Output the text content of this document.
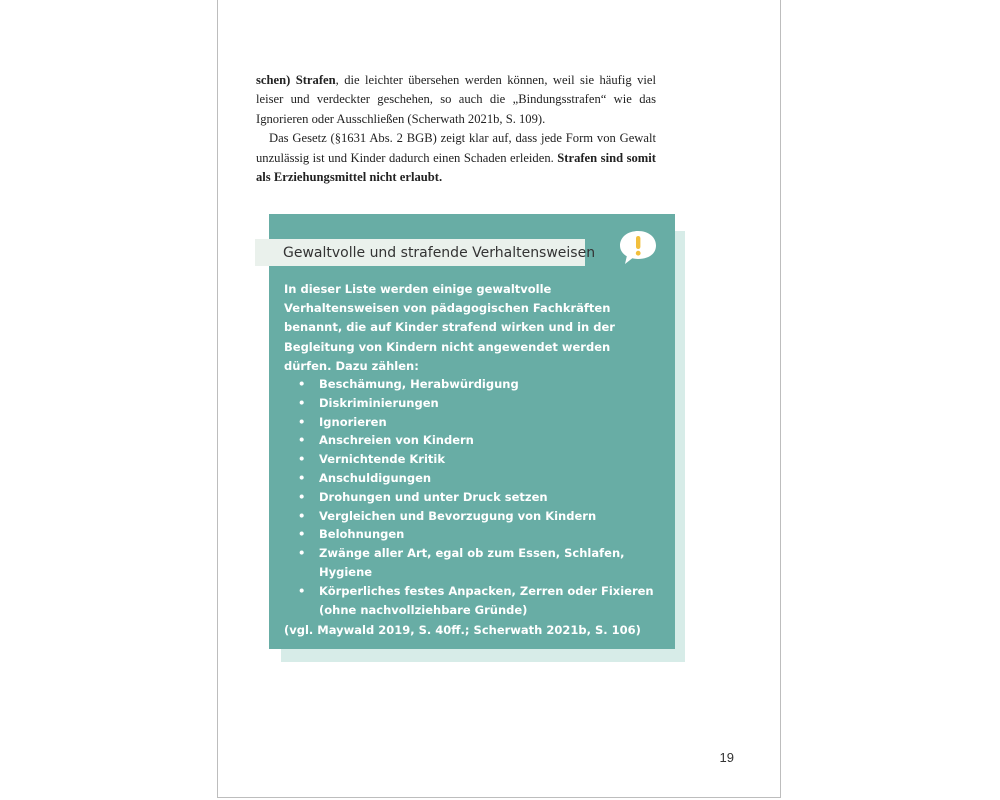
schen) Strafen, die leichter übersehen werden können, weil sie häufig viel leiser und verdeckter geschehen, so auch die „Bindungsstrafen“ wie das Ignorieren oder Ausschließen (Scherwath 2021b, S. 109).

Das Gesetz (§1631 Abs. 2 BGB) zeigt klar auf, dass jede Form von Gewalt unzulässig ist und Kinder dadurch einen Schaden erleiden. Strafen sind somit als Erziehungsmittel nicht erlaubt.

Gewaltvolle und strafende Verhaltensweisen
In dieser Liste werden einige gewaltvolle Verhaltensweisen von pädagogischen Fachkräften benannt, die auf Kinder strafend wirken und in der Begleitung von Kindern nicht angewendet werden dürfen. Dazu zählen:
• Beschämung, Herabwürdigung
• Diskriminierungen
• Ignorieren
• Anschreien von Kindern
• Vernichtende Kritik
• Anschuldigungen
• Drohungen und unter Druck setzen
• Vergleichen und Bevorzugung von Kindern
• Belohnungen
• Zwänge aller Art, egal ob zum Essen, Schlafen, Hygiene
• Körperliches festes Anpacken, Zerren oder Fixieren (ohne nachvollziehbare Gründe)
(vgl. Maywald 2019, S. 40ff.; Scherwath 2021b, S. 106)
19
